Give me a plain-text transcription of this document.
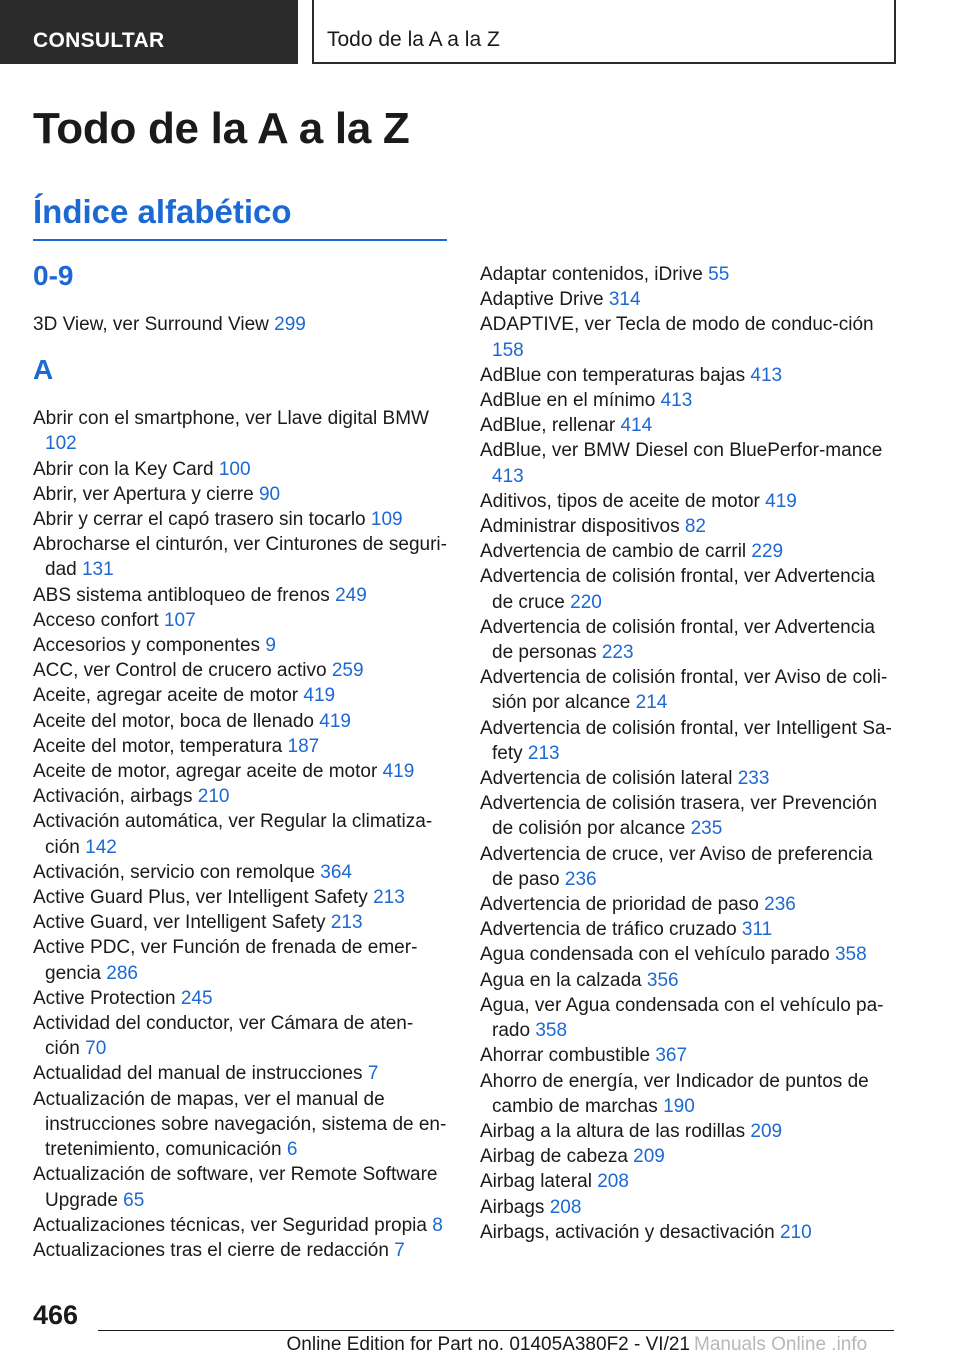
CONSULTAR	Todo de la A a la Z
Todo de la A a la Z
Índice alfabético
0-9
3D View, ver Surround View 299
A
Abrir con el smartphone, ver Llave digital BMW 102
Abrir con la Key Card 100
Abrir, ver Apertura y cierre 90
Abrir y cerrar el capó trasero sin tocarlo 109
Abrocharse el cinturón, ver Cinturones de seguri-dad 131
ABS sistema antibloqueo de frenos 249
Acceso confort 107
Accesorios y componentes 9
ACC, ver Control de crucero activo 259
Aceite, agregar aceite de motor 419
Aceite del motor, boca de llenado 419
Aceite del motor, temperatura 187
Aceite de motor, agregar aceite de motor 419
Activación, airbags 210
Activación automática, ver Regular la climatiza-ción 142
Activación, servicio con remolque 364
Active Guard Plus, ver Intelligent Safety 213
Active Guard, ver Intelligent Safety 213
Active PDC, ver Función de frenada de emer-gencia 286
Active Protection 245
Actividad del conductor, ver Cámara de aten-ción 70
Actualidad del manual de instrucciones 7
Actualización de mapas, ver el manual de instrucciones sobre navegación, sistema de en-tretenimiento, comunicación 6
Actualización de software, ver Remote Software Upgrade 65
Actualizaciones técnicas, ver Seguridad propia 8
Actualizaciones tras el cierre de redacción 7
Adaptar contenidos, iDrive 55
Adaptive Drive 314
ADAPTIVE, ver Tecla de modo de conduc-ción 158
AdBlue con temperaturas bajas 413
AdBlue en el mínimo 413
AdBlue, rellenar 414
AdBlue, ver BMW Diesel con BluePerfor-mance 413
Aditivos, tipos de aceite de motor 419
Administrar dispositivos 82
Advertencia de cambio de carril 229
Advertencia de colisión frontal, ver Advertencia de cruce 220
Advertencia de colisión frontal, ver Advertencia de personas 223
Advertencia de colisión frontal, ver Aviso de coli-sión por alcance 214
Advertencia de colisión frontal, ver Intelligent Sa-fety 213
Advertencia de colisión lateral 233
Advertencia de colisión trasera, ver Prevención de colisión por alcance 235
Advertencia de cruce, ver Aviso de preferencia de paso 236
Advertencia de prioridad de paso 236
Advertencia de tráfico cruzado 311
Agua condensada con el vehículo parado 358
Agua en la calzada 356
Agua, ver Agua condensada con el vehículo pa-rado 358
Ahorrar combustible 367
Ahorro de energía, ver Indicador de puntos de cambio de marchas 190
Airbag a la altura de las rodillas 209
Airbag de cabeza 209
Airbag lateral 208
Airbags 208
Airbags, activación y desactivación 210
466
Online Edition for Part no. 01405A380F2 - VI/21 Manuals Online .info
